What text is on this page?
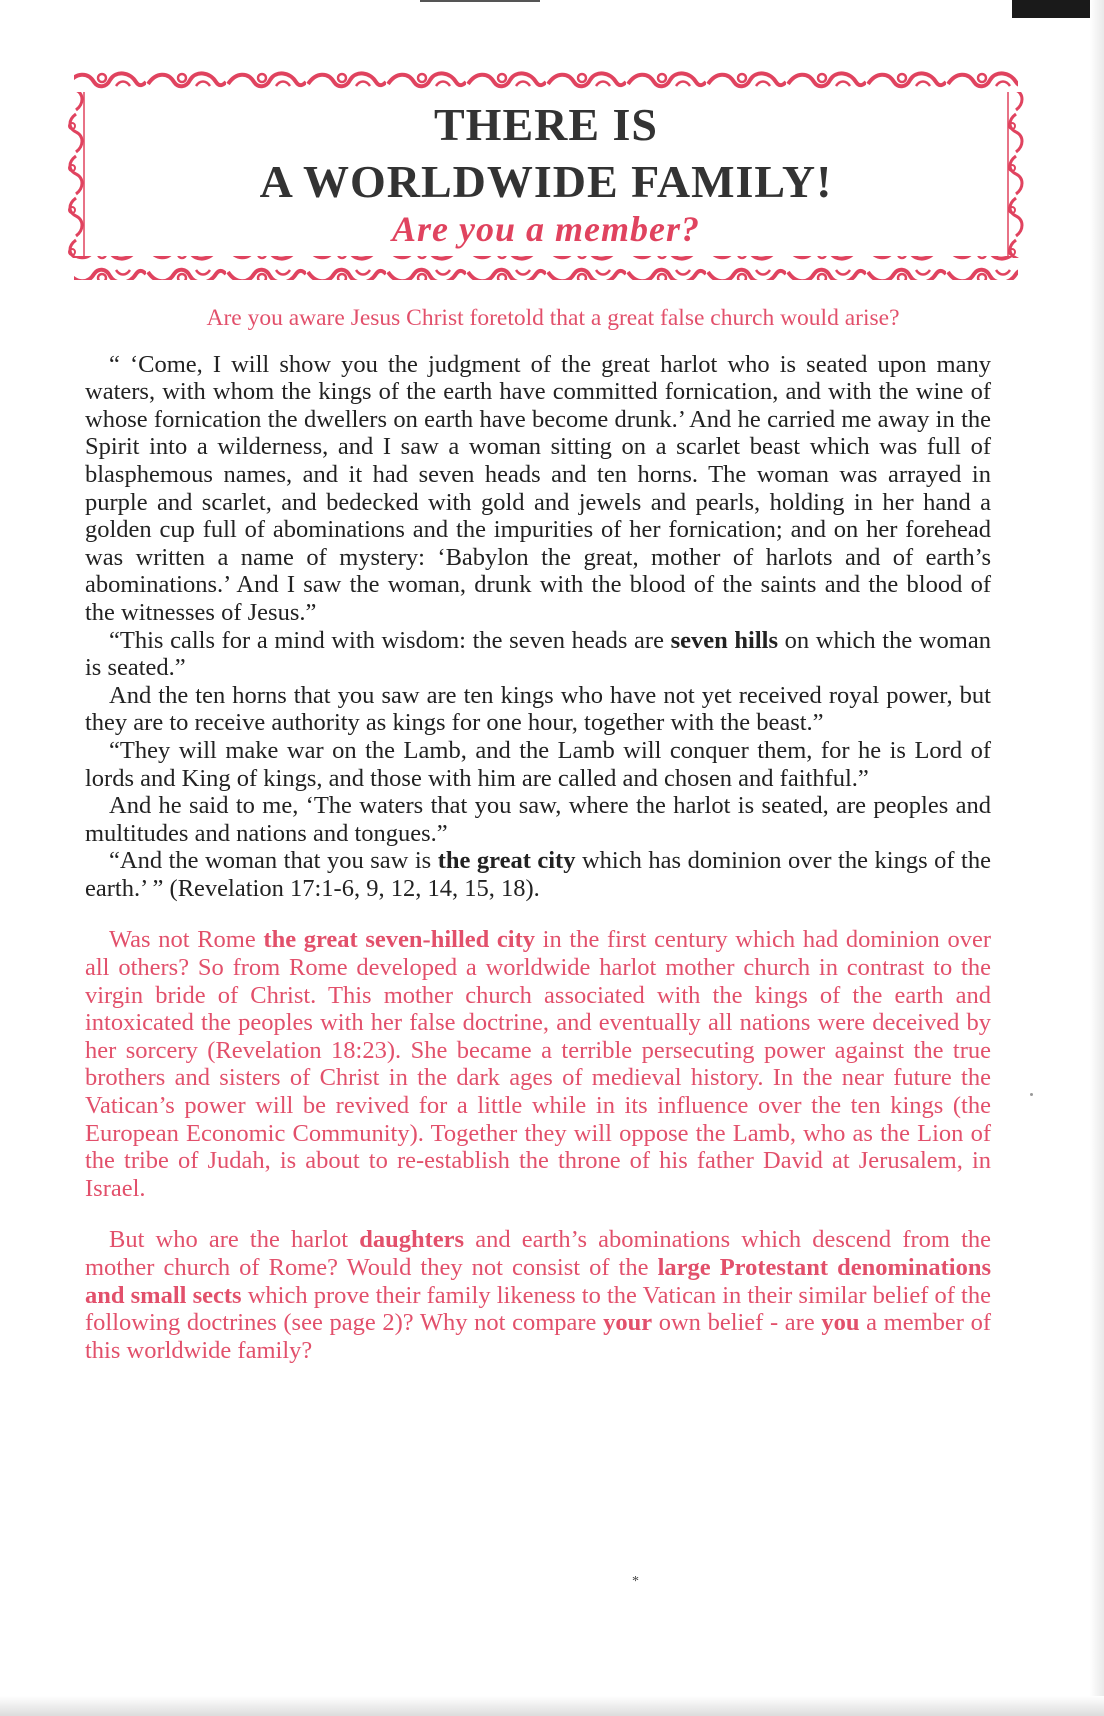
THERE IS
A WORLDWIDE FAMILY!
Are you a member?

Are you aware Jesus Christ foretold that a great false church would arise?

“ ‘Come, I will show you the judgment of the great harlot who is seated upon many waters, with whom the kings of the earth have committed fornication, and with the wine of whose fornication the dwellers on earth have become drunk.’ And he carried me away in the Spirit into a wilderness, and I saw a woman sitting on a scarlet beast which was full of blasphemous names, and it had seven heads and ten horns. The woman was arrayed in purple and scarlet, and bedecked with gold and jewels and pearls, holding in her hand a golden cup full of abominations and the impurities of her fornication; and on her forehead was written a name of mystery: ‘Babylon the great, mother of harlots and of earth’s abominations.’ And I saw the woman, drunk with the blood of the saints and the blood of the witnesses of Jesus.”

“This calls for a mind with wisdom: the seven heads are seven hills on which the woman is seated.”

And the ten horns that you saw are ten kings who have not yet received royal power, but they are to receive authority as kings for one hour, together with the beast.”

“They will make war on the Lamb, and the Lamb will conquer them, for he is Lord of lords and King of kings, and those with him are called and chosen and faithful.”

And he said to me, ‘The waters that you saw, where the harlot is seated, are peoples and multitudes and nations and tongues.”

“And the woman that you saw is the great city which has dominion over the kings of the earth.’ ” (Revelation 17:1-6, 9, 12, 14, 15, 18).

Was not Rome the great seven-hilled city in the first century which had dominion over all others? So from Rome developed a worldwide harlot mother church in contrast to the virgin bride of Christ. This mother church associated with the kings of the earth and intoxicated the peoples with her false doctrine, and eventually all nations were deceived by her sorcery (Revelation 18:23). She became a terrible persecuting power against the true brothers and sisters of Christ in the dark ages of medieval history. In the near future the Vatican’s power will be revived for a little while in its influence over the ten kings (the European Economic Community). Together they will oppose the Lamb, who as the Lion of the tribe of Judah, is about to re-establish the throne of his father David at Jerusalem, in Israel.

But who are the harlot daughters and earth’s abominations which descend from the mother church of Rome? Would they not consist of the large Protestant denominations and small sects which prove their family likeness to the Vatican in their similar belief of the following doctrines (see page 2)? Why not compare your own belief - are you a member of this worldwide family?

*
